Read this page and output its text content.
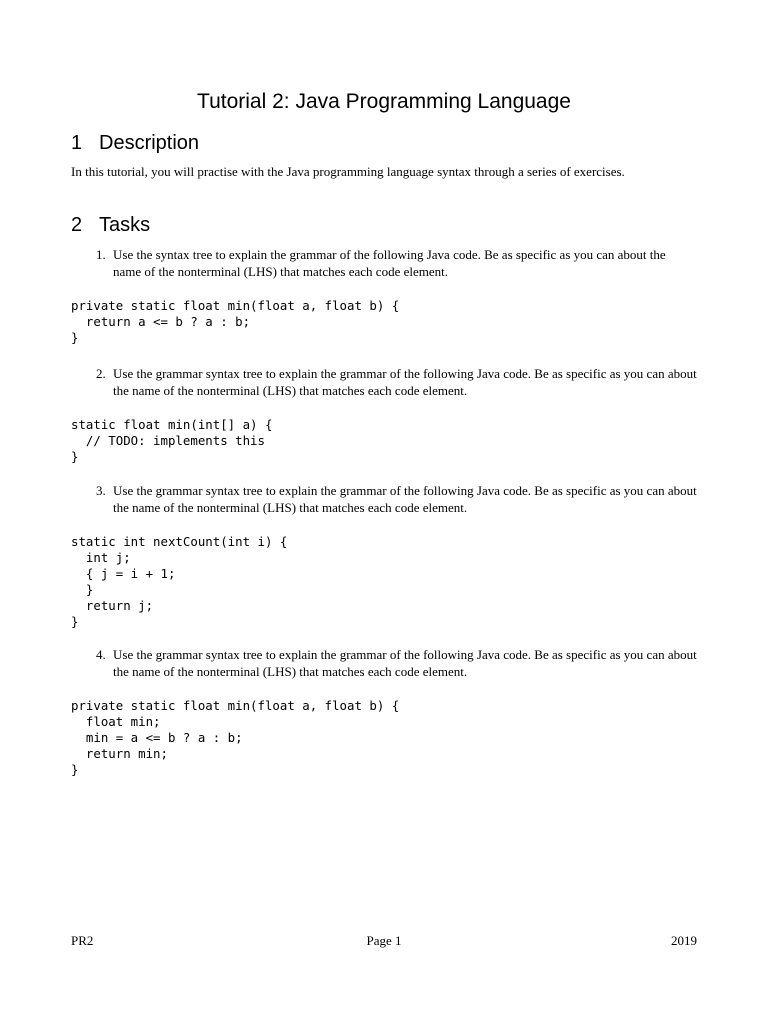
Tutorial 2: Java Programming Language
1 Description

In this tutorial, you will practise with the Java programming language syntax through a series of exercises.

2 Tasks
1. Use the syntax tree to explain the grammar of the following Java code. Be as specific as you can about the name of the nonterminal (LHS) that matches each code element.
private static float min(float a, float b) {
return a <= b ? a : b;
}
2. Use the grammar syntax tree to explain the grammar of the following Java code. Be as specific as you can about the name of the nonterminal (LHS) that matches each code element.
static float min(int[] a) {
// TODO: implements this
}
3. Use the grammar syntax tree to explain the grammar of the following Java code. Be as specific as you can about the name of the nonterminal (LHS) that matches each code element.
static int nextCount(int i) {
int j;
{ j = i + 1;
}
return j;
}
4. Use the grammar syntax tree to explain the grammar of the following Java code. Be as specific as you can about the name of the nonterminal (LHS) that matches each code element.
private static float min(float a, float b) {
float min;
min = a <= b ? a : b;
return min;
}
PR2	Page 1	2019
